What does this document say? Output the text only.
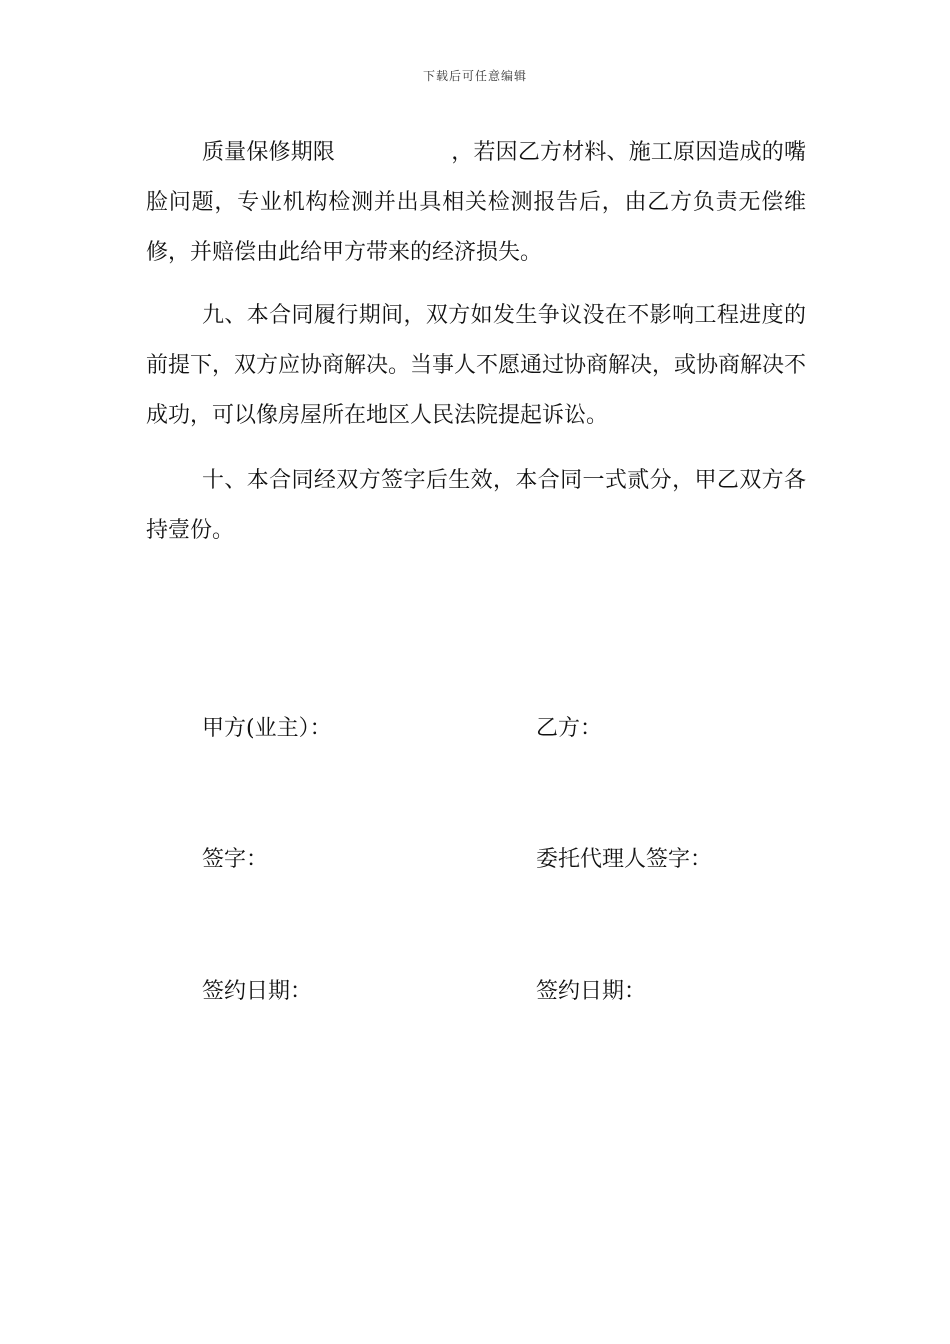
下载后可任意编辑
质量保修期限	，若因乙方材料、施工原因造成的嘴脸问题，专业机构检测并出具相关检测报告后，由乙方负责无偿维修，并赔偿由此给甲方带来的经济损失。
九、本合同履行期间，双方如发生争议没在不影响工程进度的前提下，双方应协商解决。当事人不愿通过协商解决，或协商解决不成功，可以像房屋所在地区人民法院提起诉讼。
十、本合同经双方签字后生效，本合同一式贰分，甲乙双方各持壹份。
甲方(业主）：	乙方：
签字：	委托代理人签字：
签约日期：	签约日期：
